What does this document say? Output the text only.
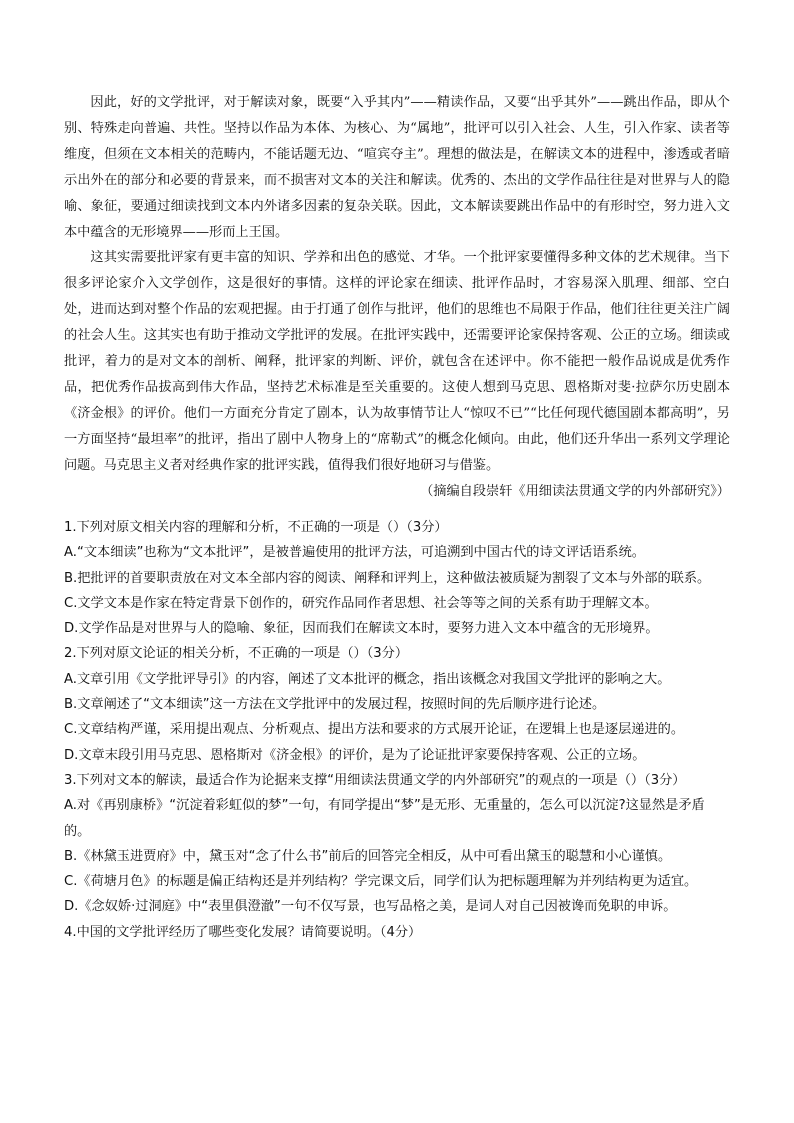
因此，好的文学批评，对于解读对象，既要“入乎其内”——精读作品，又要“出乎其外”——跳出作品，即从个别、特殊走向普遍、共性。坚持以作品为本体、为核心、为“属地”，批评可以引入社会、人生，引入作家、读者等维度，但须在文本相关的范畴内，不能话题无边、“喧宾夺主”。理想的做法是，在解读文本的进程中，渗透或者暗示出外在的部分和必要的背景来，而不损害对文本的关注和解读。优秀的、杰出的文学作品往往是对世界与人的隐喻、象征，要通过细读找到文本内外诸多因素的复杂关联。因此，文本解读要跳出作品中的有形时空，努力进入文本中蕴含的无形境界——形而上王国。

这其实需要批评家有更丰富的知识、学养和出色的感觉、才华。一个批评家要懂得多种文体的艺术规律。当下很多评论家介入文学创作，这是很好的事情。这样的评论家在细读、批评作品时，才容易深入肌理、细部、空白处，进而达到对整个作品的宏观把握。由于打通了创作与批评，他们的思维也不局限于作品，他们往往更关注广阔的社会人生。这其实也有助于推动文学批评的发展。在批评实践中，还需要评论家保持客观、公正的立场。细读或批评，着力的是对文本的剖析、阐释，批评家的判断、评价，就包含在述评中。你不能把一般作品说成是优秀作品，把优秀作品拔高到伟大作品，坚持艺术标准是至关重要的。这使人想到马克思、恩格斯对斐·拉萨尔历史剧本《济金根》的评价。他们一方面充分肯定了剧本，认为故事情节让人“惊叹不已”“比任何现代德国剧本都高明”，另一方面坚持“最坦率”的批评，指出了剧中人物身上的“席勒式”的概念化倾向。由此，他们还升华出一系列文学理论问题。马克思主义者对经典作家的批评实践，值得我们很好地研习与借鉴。

（摘编自段崇轩《用细读法贯通文学的内外部研究》）

1.下列对原文相关内容的理解和分析，不正确的一项是（）（3分）

A.“文本细读”也称为“文本批评”，是被普遍使用的批评方法，可追溯到中国古代的诗文评话语系统。

B.把批评的首要职责放在对文本全部内容的阅读、阐释和评判上，这种做法被质疑为割裂了文本与外部的联系。

C.文学文本是作家在特定背景下创作的，研究作品同作者思想、社会等等之间的关系有助于理解文本。

D.文学作品是对世界与人的隐喻、象征，因而我们在解读文本时，要努力进入文本中蕴含的无形境界。

2.下列对原文论证的相关分析，不正确的一项是（）（3分）

A.文章引用《文学批评导引》的内容，阐述了文本批评的概念，指出该概念对我国文学批评的影响之大。

B.文章阐述了“文本细读”这一方法在文学批评中的发展过程，按照时间的先后顺序进行论述。

C.文章结构严谨，采用提出观点、分析观点、提出方法和要求的方式展开论证，在逻辑上也是逐层递进的。

D.文章末段引用马克思、恩格斯对《济金根》的评价，是为了论证批评家要保持客观、公正的立场。

3.下列对文本的解读，最适合作为论据来支撑“用细读法贯通文学的内外部研究”的观点的一项是（）（3分）

A.对《再别康桥》“沉淀着彩虹似的梦”一句，有同学提出“梦”是无形、无重量的，怎么可以沉淀?这显然是矛盾的。

B.《林黛玉进贾府》中，黛玉对“念了什么书”前后的回答完全相反，从中可看出黛玉的聪慧和小心谨慎。

C.《荷塘月色》的标题是偏正结构还是并列结构？学完课文后，同学们认为把标题理解为并列结构更为适宜。

D.《念奴娇·过洞庭》中“表里俱澄澈”一句不仅写景，也写品格之美，是词人对自己因被谗而免职的申诉。

4.中国的文学批评经历了哪些变化发展？请简要说明。（4分）
